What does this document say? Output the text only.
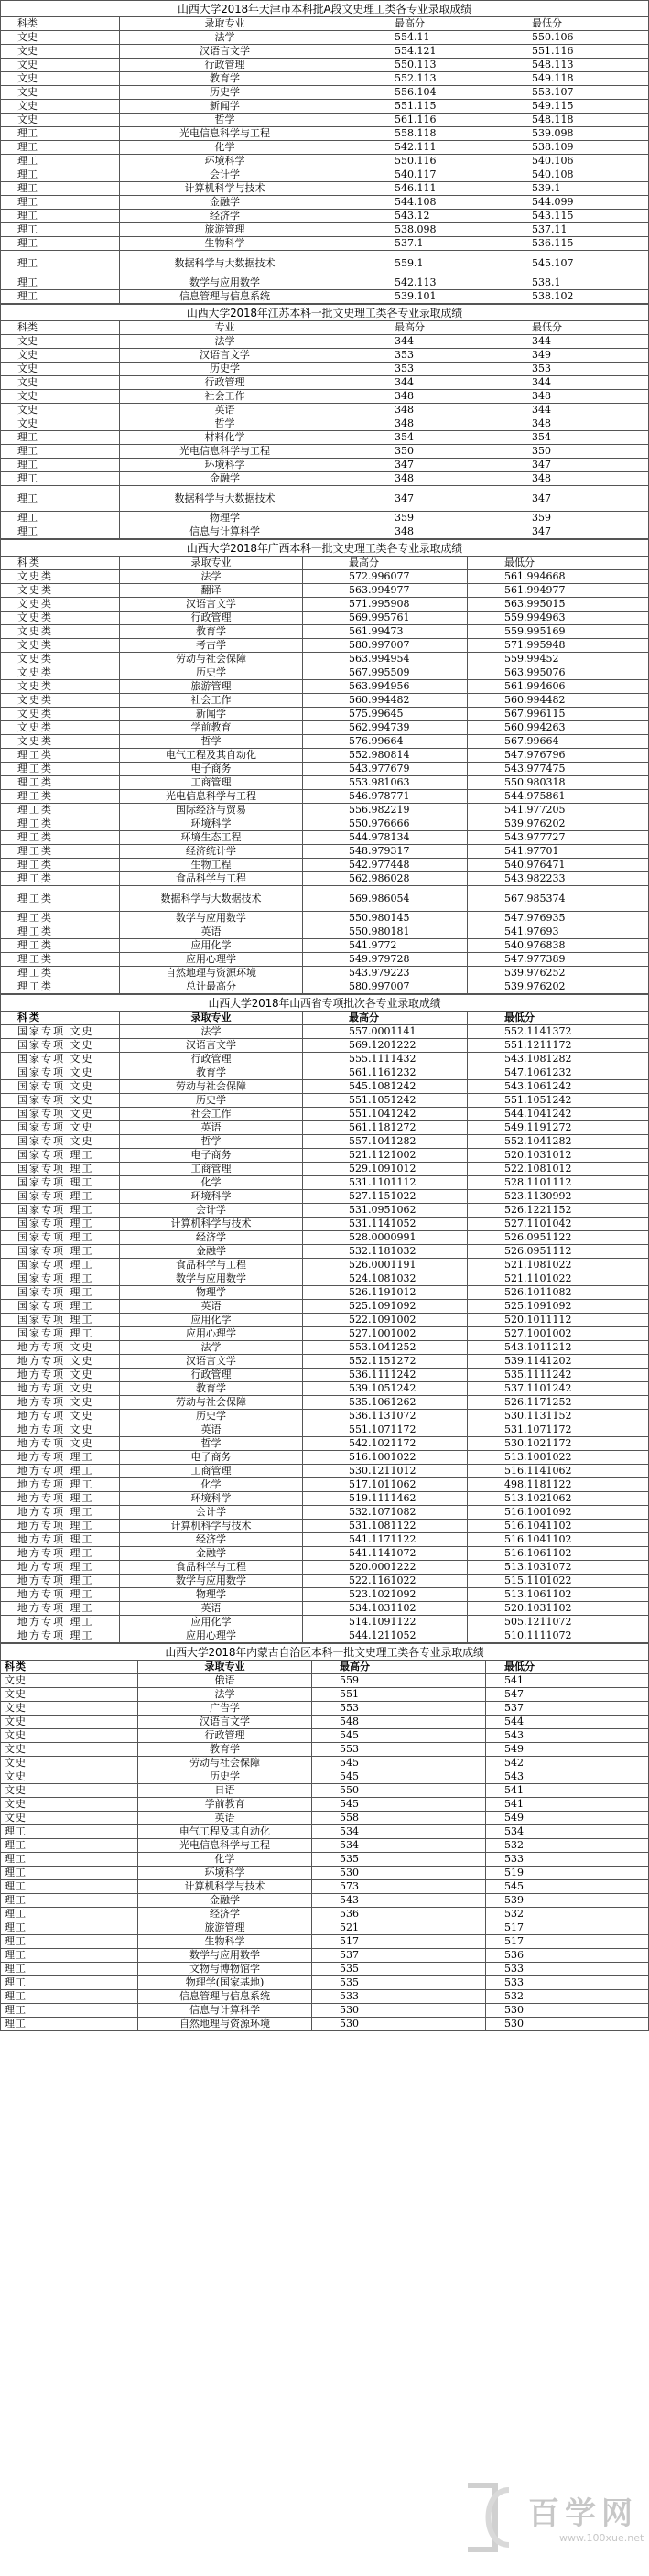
山西大学2018年天津市本科批A段文史理工类各专业录取成绩
科类	录取专业	最高分	最低分
文史	法学	554.11	550.106
文史	汉语言文学	554.121	551.116
文史	行政管理	550.113	548.113
文史	教育学	552.113	549.118
文史	历史学	556.104	553.107
文史	新闻学	551.115	549.115
文史	哲学	561.116	548.118
理工	光电信息科学与工程	558.118	539.098
理工	化学	542.111	538.109
理工	环境科学	550.116	540.106
理工	会计学	540.117	540.108
理工	计算机科学与技术	546.111	539.1
理工	金融学	544.108	544.099
理工	经济学	543.12	543.115
理工	旅游管理	538.098	537.11
理工	生物科学	537.1	536.115
理工	数据科学与大数据技术	559.1	545.107
理工	数学与应用数学	542.113	538.1
理工	信息管理与信息系统	539.101	538.102
山西大学2018年江苏本科一批文史理工类各专业录取成绩
科类	专业	最高分	最低分
文史	法学	344	344
文史	汉语言文学	353	349
文史	历史学	353	353
文史	行政管理	344	344
文史	社会工作	348	348
文史	英语	348	344
文史	哲学	348	348
理工	材料化学	354	354
理工	光电信息科学与工程	350	350
理工	环境科学	347	347
理工	金融学	348	348
理工	数据科学与大数据技术	347	347
理工	物理学	359	359
理工	信息与计算科学	348	347
山西大学2018年广西本科一批文史理工类各专业录取成绩
科类	录取专业	最高分	最低分
文史类	法学	572.996077	561.994668
文史类	翻译	563.994977	561.994977
文史类	汉语言文学	571.995908	563.995015
文史类	行政管理	569.995761	559.994963
文史类	教育学	561.99473	559.995169
文史类	考古学	580.997007	571.995948
文史类	劳动与社会保障	563.994954	559.99452
文史类	历史学	567.995509	563.995076
文史类	旅游管理	563.994956	561.994606
文史类	社会工作	560.994482	560.994482
文史类	新闻学	575.99645	567.996115
文史类	学前教育	562.994739	560.994263
文史类	哲学	576.99664	567.99664
理工类	电气工程及其自动化	552.980814	547.976796
理工类	电子商务	543.977679	543.977475
理工类	工商管理	553.981063	550.980318
理工类	光电信息科学与工程	546.978771	544.975861
理工类	国际经济与贸易	556.982219	541.977205
理工类	环境科学	550.976666	539.976202
理工类	环境生态工程	544.978134	543.977727
理工类	经济统计学	548.979317	541.97701
理工类	生物工程	542.977448	540.976471
理工类	食品科学与工程	562.986028	543.982233
理工类	数据科学与大数据技术	569.986054	567.985374
理工类	数学与应用数学	550.980145	547.976935
理工类	英语	550.980181	541.97693
理工类	应用化学	541.9772	540.976838
理工类	应用心理学	549.979728	547.977389
理工类	自然地理与资源环境	543.979223	539.976252
理工类	总计最高分	580.997007	539.976202
山西大学2018年山西省专项批次各专业录取成绩
科类	录取专业	最高分	最低分
国家专项 文史	法学	557.0001141	552.1141372
国家专项 文史	汉语言文学	569.1201222	551.1211172
国家专项 文史	行政管理	555.1111432	543.1081282
国家专项 文史	教育学	561.1161232	547.1061232
国家专项 文史	劳动与社会保障	545.1081242	543.1061242
国家专项 文史	历史学	551.1051242	551.1051242
国家专项 文史	社会工作	551.1041242	544.1041242
国家专项 文史	英语	561.1181272	549.1191272
国家专项 文史	哲学	557.1041282	552.1041282
国家专项 理工	电子商务	521.1121002	520.1031012
国家专项 理工	工商管理	529.1091012	522.1081012
国家专项 理工	化学	531.1101112	528.1101112
国家专项 理工	环境科学	527.1151022	523.1130992
国家专项 理工	会计学	531.0951062	526.1221152
国家专项 理工	计算机科学与技术	531.1141052	527.1101042
国家专项 理工	经济学	528.0000991	526.0951122
国家专项 理工	金融学	532.1181032	526.0951112
国家专项 理工	食品科学与工程	526.0001191	521.1081022
国家专项 理工	数学与应用数学	524.1081032	521.1101022
国家专项 理工	物理学	526.1191012	526.1011082
国家专项 理工	英语	525.1091092	525.1091092
国家专项 理工	应用化学	522.1091002	520.1011112
国家专项 理工	应用心理学	527.1001002	527.1001002
地方专项 文史	法学	553.1041252	543.1011212
地方专项 文史	汉语言文学	552.1151272	539.1141202
地方专项 文史	行政管理	536.1111242	535.1111242
地方专项 文史	教育学	539.1051242	537.1101242
地方专项 文史	劳动与社会保障	535.1061262	526.1171252
地方专项 文史	历史学	536.1131072	530.1131152
地方专项 文史	英语	551.1071172	531.1071172
地方专项 文史	哲学	542.1021172	530.1021172
地方专项 理工	电子商务	516.1001022	513.1001022
地方专项 理工	工商管理	530.1211012	516.1141062
地方专项 理工	化学	517.1011062	498.1181122
地方专项 理工	环境科学	519.1111462	513.1021062
地方专项 理工	会计学	532.1071082	516.1001092
地方专项 理工	计算机科学与技术	531.1081122	516.1041102
地方专项 理工	经济学	541.1171122	516.1041102
地方专项 理工	金融学	541.1141072	516.1061102
地方专项 理工	食品科学与工程	520.0001222	513.1031072
地方专项 理工	数学与应用数学	522.1161022	515.1101022
地方专项 理工	物理学	523.1021092	513.1061102
地方专项 理工	英语	534.1031102	520.1031102
地方专项 理工	应用化学	514.1091122	505.1211072
地方专项 理工	应用心理学	544.1211052	510.1111072
山西大学2018年内蒙古自治区本科一批文史理工类各专业录取成绩
科类	录取专业	最高分	最低分
文史	俄语	559	541
文史	法学	551	547
文史	广告学	553	537
文史	汉语言文学	548	544
文史	行政管理	545	543
文史	教育学	553	549
文史	劳动与社会保障	545	542
文史	历史学	545	543
文史	日语	550	541
文史	学前教育	545	541
文史	英语	558	549
理工	电气工程及其自动化	534	534
理工	光电信息科学与工程	534	532
理工	化学	535	533
理工	环境科学	530	519
理工	计算机科学与技术	573	545
理工	金融学	543	539
理工	经济学	536	532
理工	旅游管理	521	517
理工	生物科学	517	517
理工	数学与应用数学	537	536
理工	文物与博物馆学	535	533
理工	物理学(国家基地)	535	533
理工	信息管理与信息系统	533	532
理工	信息与计算科学	530	530
理工	自然地理与资源环境	530	530
百学网
www.100xue.net
